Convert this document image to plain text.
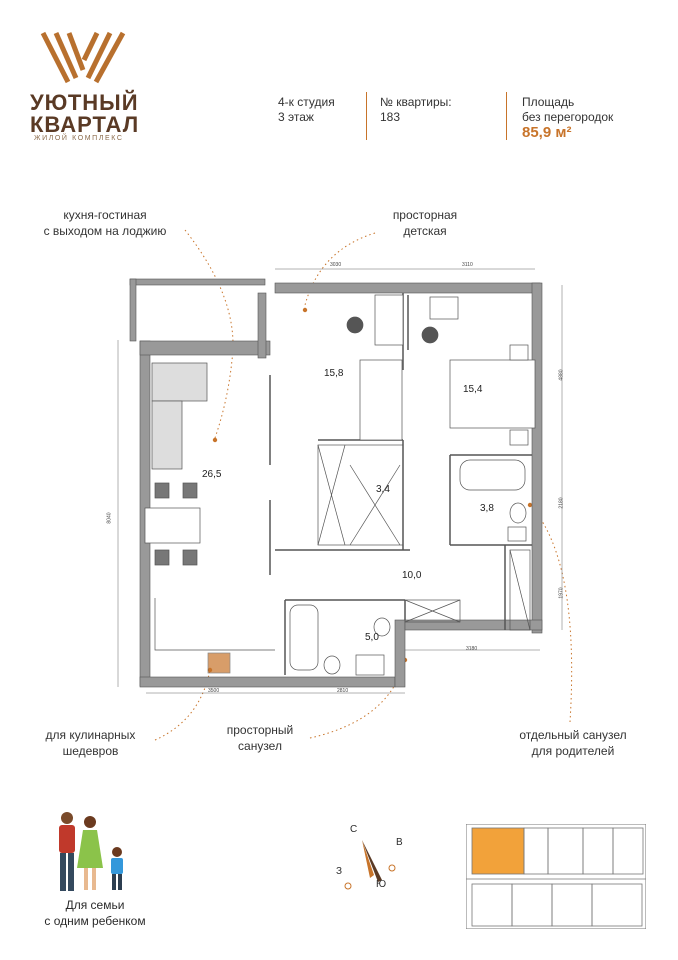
УЮТНЫЙ
КВАРТАЛ
ЖИЛОЙ КОМПЛЕКС
4-к студия
3 этаж
№ квартиры:
183
Площадь
без перегородок
85,9 м²
кухня-гостиная
с выходом на лоджию
просторная
детская
для кулинарных
шедевров
просторный
санузел
отдельный санузел
для родителей
26,5
15,8
15,4
3,4
3,8
10,0
5,0
3030	3110
8040
4880
2180
1970
3180
3500	2810
Для семьи
с одним ребенком
С
В
З
Ю
